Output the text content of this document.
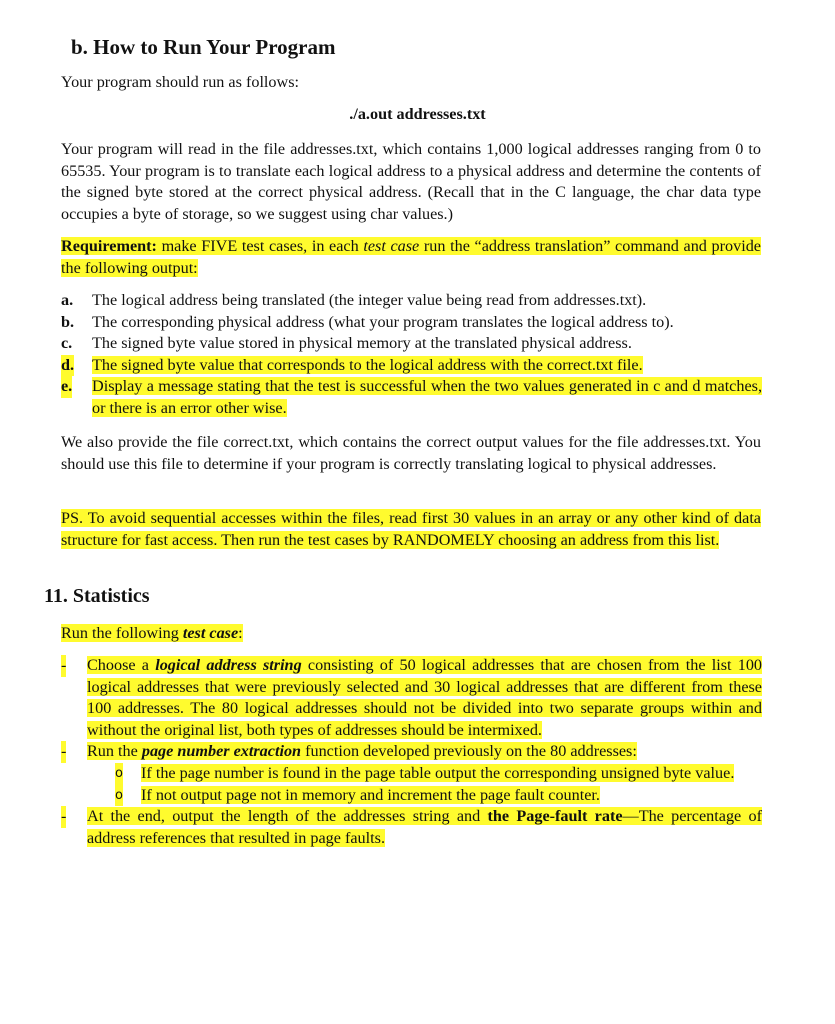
b. How to Run Your Program
Your program should run as follows:
./a.out addresses.txt
Your program will read in the file addresses.txt, which contains 1,000 logical addresses ranging from 0 to 65535. Your program is to translate each logical address to a physical address and determine the contents of the signed byte stored at the correct physical address. (Recall that in the C language, the char data type occupies a byte of storage, so we suggest using char values.)
Requirement: make FIVE test cases, in each test case run the “address translation” command and provide the following output:
a. The logical address being translated (the integer value being read from addresses.txt).
b. The corresponding physical address (what your program translates the logical address to).
c. The signed byte value stored in physical memory at the translated physical address.
d. The signed byte value that corresponds to the logical address with the correct.txt file.
e. Display a message stating that the test is successful when the two values generated in c and d matches, or there is an error other wise.
We also provide the file correct.txt, which contains the correct output values for the file addresses.txt. You should use this file to determine if your program is correctly translating logical to physical addresses.
PS. To avoid sequential accesses within the files, read first 30 values in an array or any other kind of data structure for fast access. Then run the test cases by RANDOMELY choosing an address from this list.
11. Statistics
Run the following test case:
- Choose a logical address string consisting of 50 logical addresses that are chosen from the list 100 logical addresses that were previously selected and 30 logical addresses that are different from these 100 addresses. The 80 logical addresses should not be divided into two separate groups within and without the original list, both types of addresses should be intermixed.
- Run the page number extraction function developed previously on the 80 addresses:
o If the page number is found in the page table output the corresponding unsigned byte value.
o If not output page not in memory and increment the page fault counter.
- At the end, output the length of the addresses string and the Page-fault rate—The percentage of address references that resulted in page faults.
